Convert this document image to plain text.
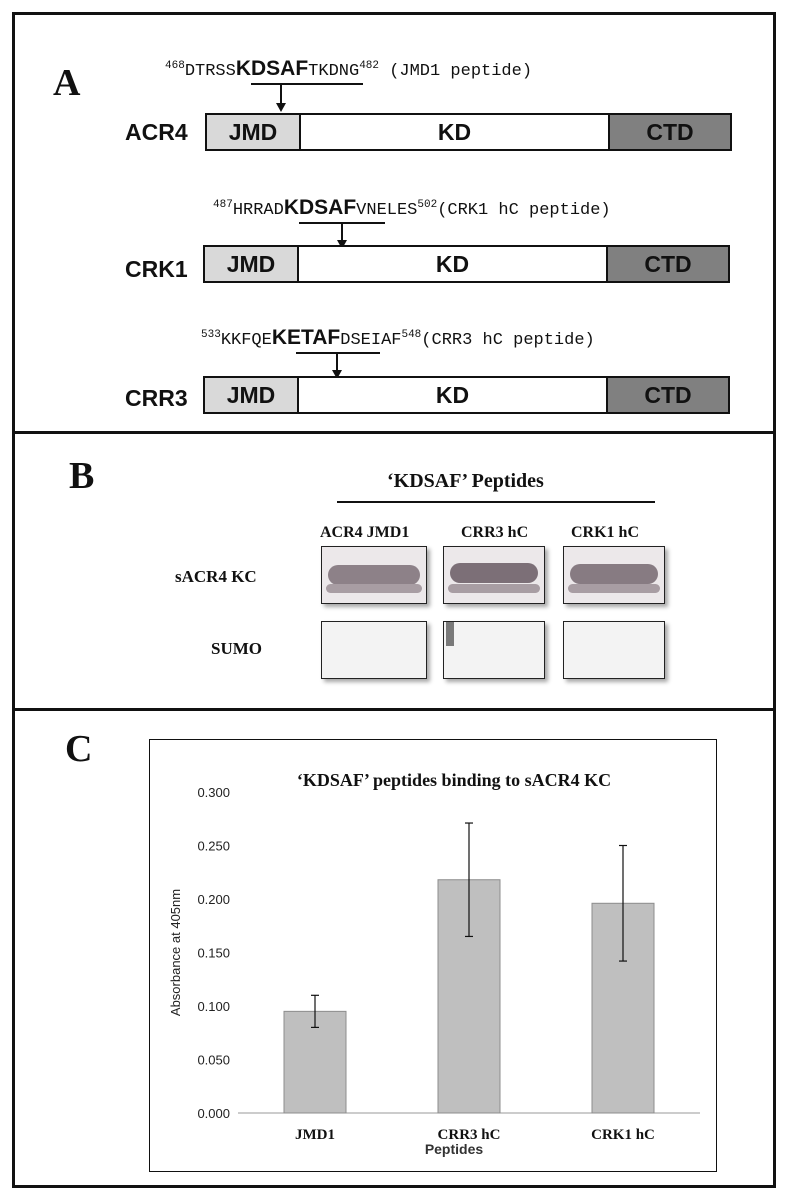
A	$^{468}$DTRSSKDSAFTKDNG$^{482}$ (JMD1 peptide)
ACR4	JMD	KD	CTD
$^{487}$HRRADKDSAFVNELES$^{502}$(CRK1 hC peptide)
CRK1	JMD	KD	CTD
$^{533}$KKFQEKETAFDSEIAF$^{548}$(CRR3 hC peptide)
CRR3	JMD	KD	CTD
B	‘KDSAF’ Peptides
ACR4 JMD1	CRR3 hC	CRK1 hC
sACR4 KC
SUMO
C
‘KDSAF’ peptides binding to sACR4 KC
0.000
0.050
0.100
0.150
0.200
0.250
0.300
Absorbance at 405nm
JMD1	CRR3 hC	CRK1 hC
Peptides
